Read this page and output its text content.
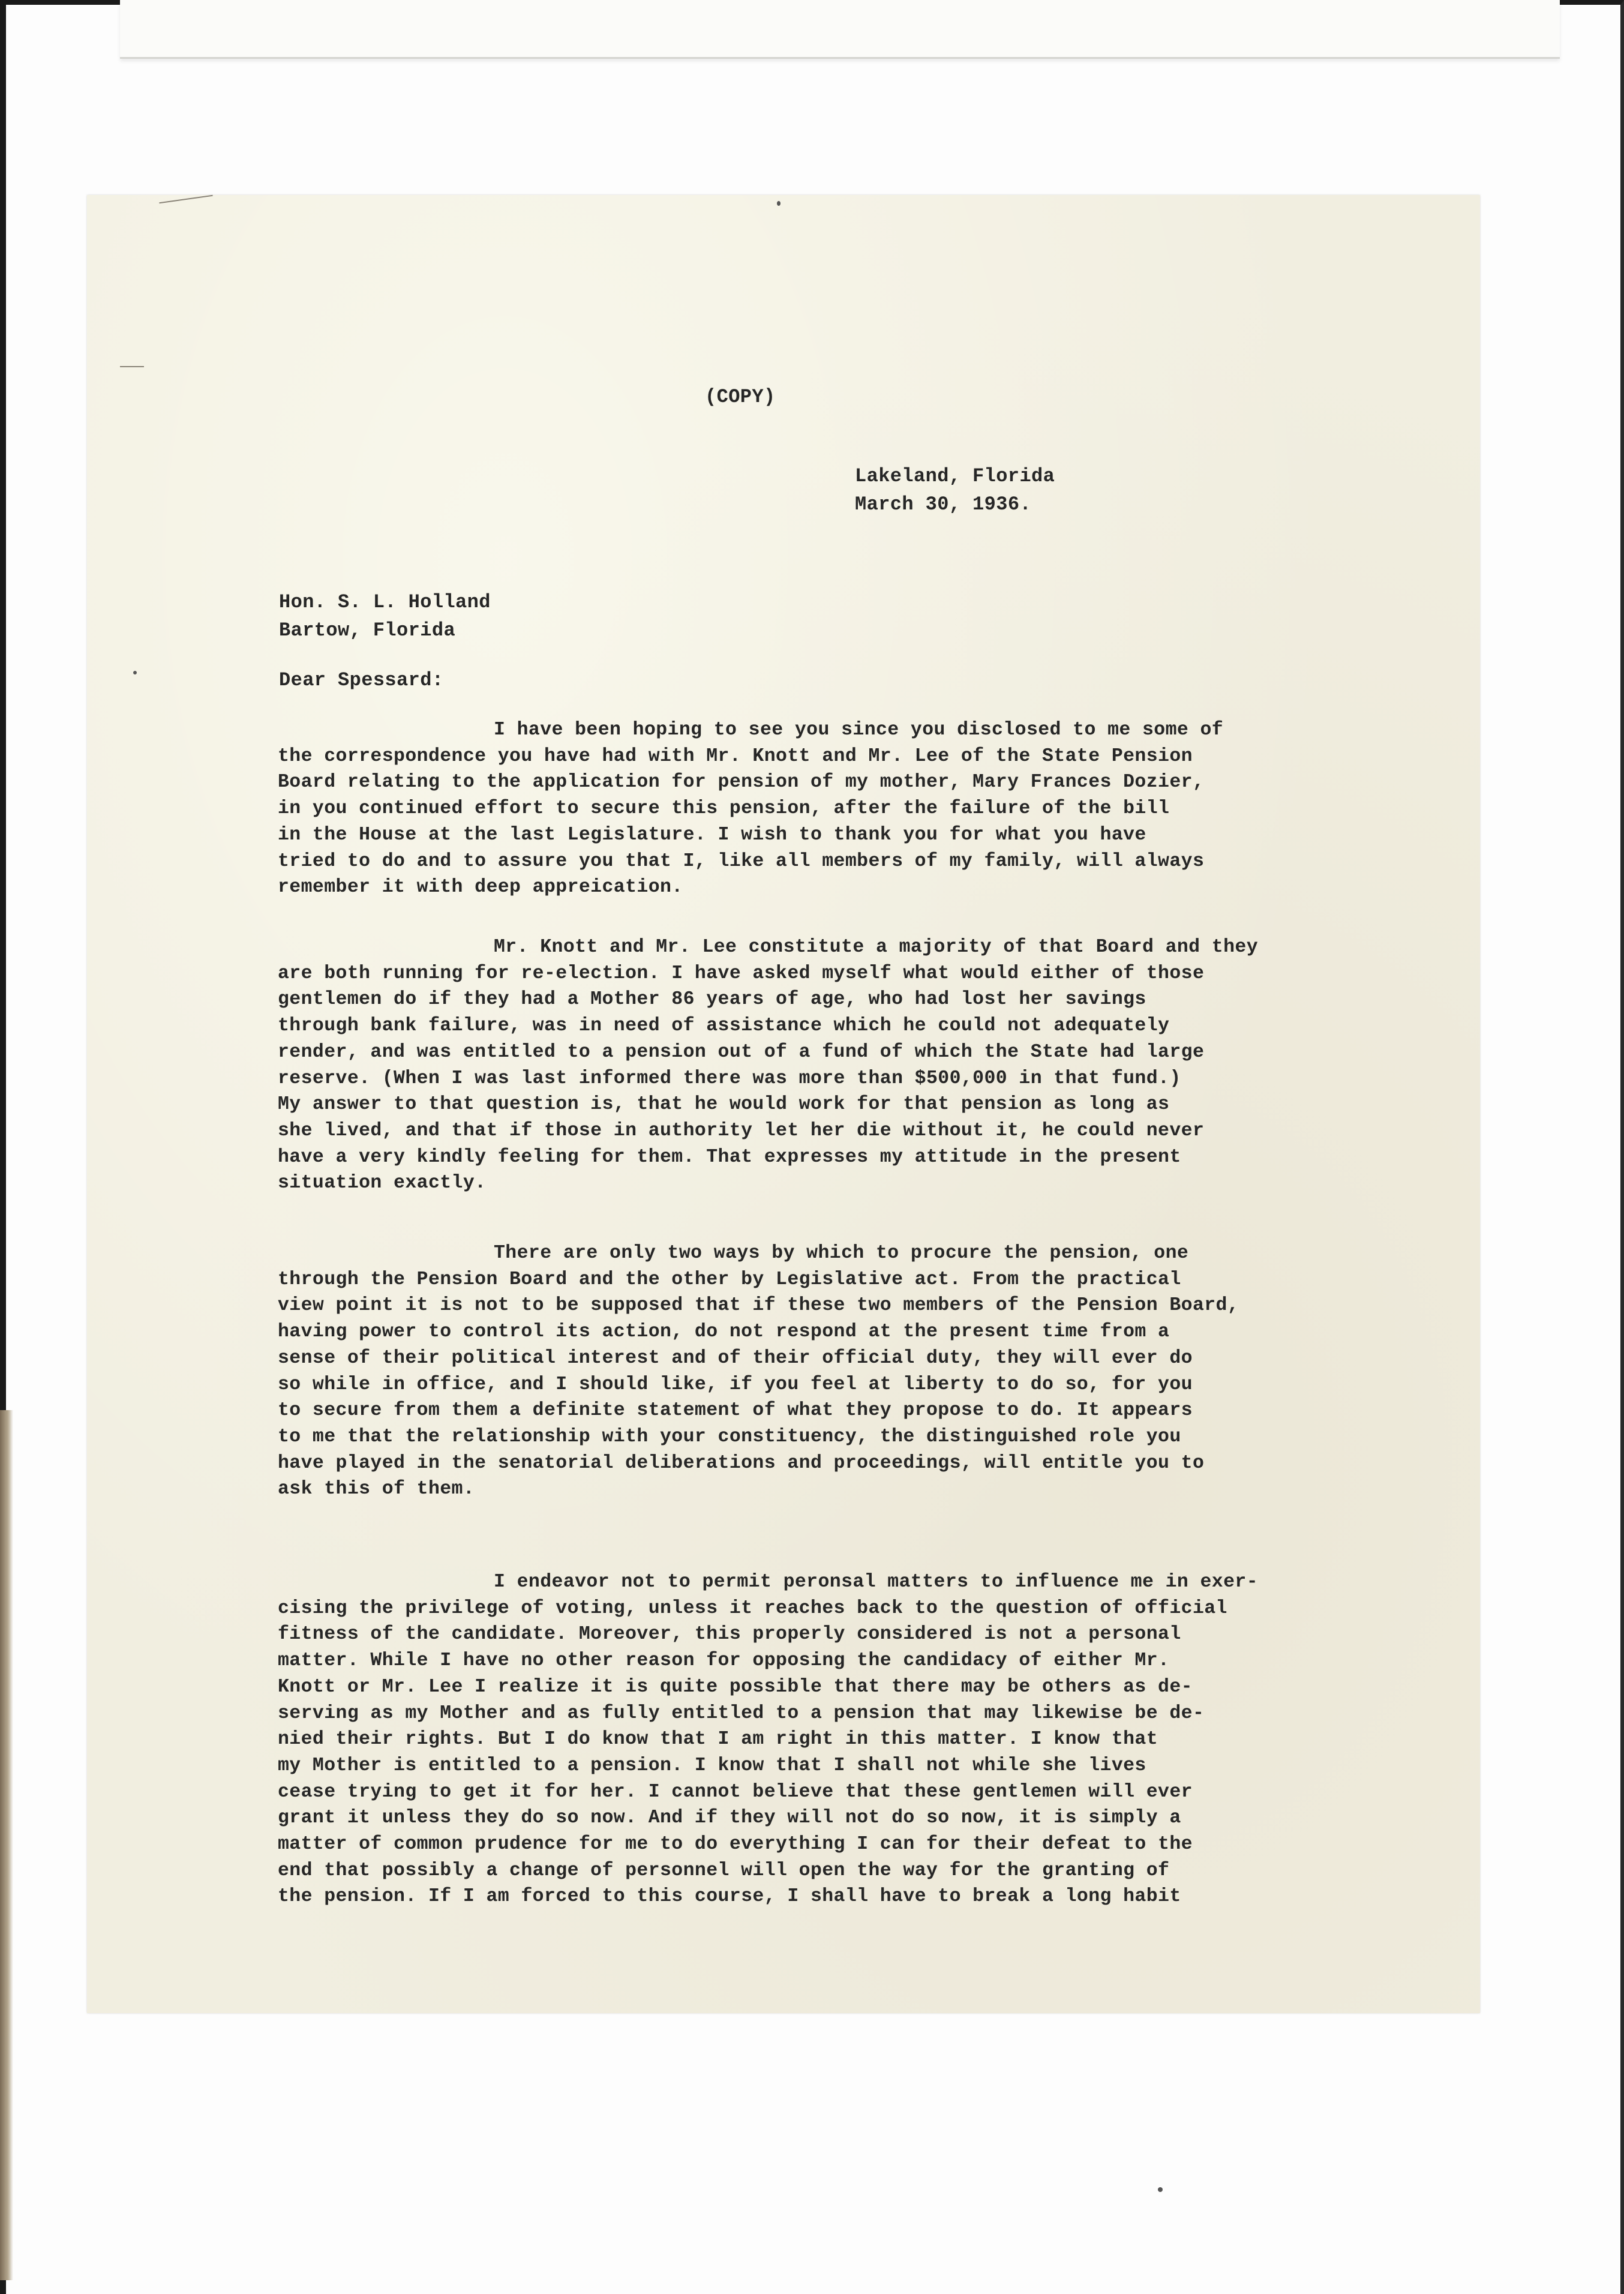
(COPY)
Lakeland, Florida
March 30, 1936.
Hon. S. L. Holland
Bartow, Florida
Dear Spessard:
I have been hoping to see you since you disclosed to me some of
the correspondence you have had with Mr. Knott and Mr. Lee of the State Pension
Board relating to the application for pension of my mother, Mary Frances Dozier,
in you continued effort to secure this pension, after the failure of the bill
in the House at the last Legislature. I wish to thank you for what you have
tried to do and to assure you that I, like all members of my family, will always
remember it with deep appreication.
Mr. Knott and Mr. Lee constitute a majority of that Board and they
are both running for re-election. I have asked myself what would either of those
gentlemen do if they had a Mother 86 years of age, who had lost her savings
through bank failure, was in need of assistance which he could not adequately
render, and was entitled to a pension out of a fund of which the State had large
reserve. (When I was last informed there was more than $500,000 in that fund.)
My answer to that question is, that he would work for that pension as long as
she lived, and that if those in authority let her die without it, he could never
have a very kindly feeling for them. That expresses my attitude in the present
situation exactly.
There are only two ways by which to procure the pension, one
through the Pension Board and the other by Legislative act. From the practical
view point it is not to be supposed that if these two members of the Pension Board,
having power to control its action, do not respond at the present time from a
sense of their political interest and of their official duty, they will ever do
so while in office, and I should like, if you feel at liberty to do so, for you
to secure from them a definite statement of what they propose to do. It appears
to me that the relationship with your constituency, the distinguished role you
have played in the senatorial deliberations and proceedings, will entitle you to
ask this of them.
I endeavor not to permit peronsal matters to influence me in exer-
cising the privilege of voting, unless it reaches back to the question of official
fitness of the candidate. Moreover, this properly considered is not a personal
matter. While I have no other reason for opposing the candidacy of either Mr.
Knott or Mr. Lee I realize it is quite possible that there may be others as de-
serving as my Mother and as fully entitled to a pension that may likewise be de-
nied their rights. But I do know that I am right in this matter. I know that
my Mother is entitled to a pension. I know that I shall not while she lives
cease trying to get it for her. I cannot believe that these gentlemen will ever
grant it unless they do so now. And if they will not do so now, it is simply a
matter of common prudence for me to do everything I can for their defeat to the
end that possibly a change of personnel will open the way for the granting of
the pension. If I am forced to this course, I shall have to break a long habit
